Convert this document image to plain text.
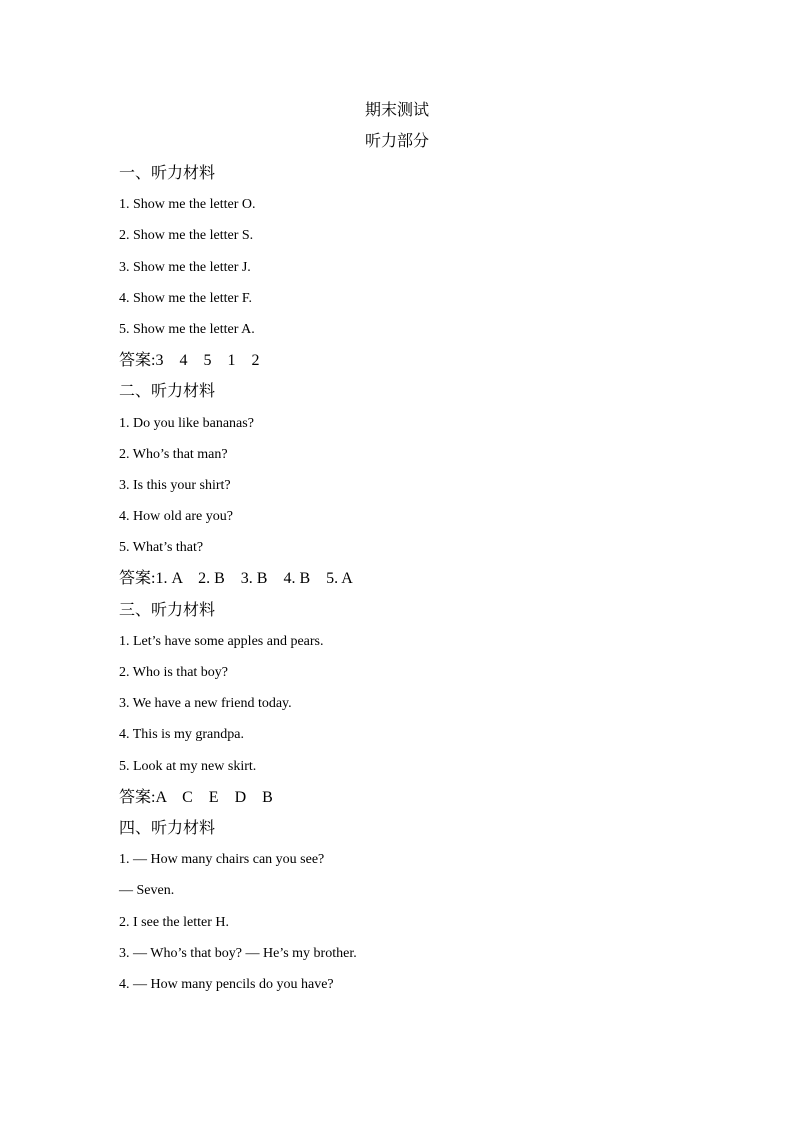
期末测试
听力部分
一、听力材料
1. Show me the letter O.
2. Show me the letter S.
3. Show me the letter J.
4. Show me the letter F.
5. Show me the letter A.
答案:3    4    5    1    2
二、听力材料
1. Do you like bananas?
2. Who’s that man?
3. Is this your shirt?
4. How old are you?
5. What’s that?
答案:1. A    2. B    3. B    4. B    5. A
三、听力材料
1. Let’s have some apples and pears.
2. Who is that boy?
3. We have a new friend today.
4. This is my grandpa.
5. Look at my new skirt.
答案:A    C    E    D    B
四、听力材料
1. — How many chairs can you see?
— Seven.
2. I see the letter H.
3. — Who’s that boy? — He’s my brother.
4. — How many pencils do you have?
